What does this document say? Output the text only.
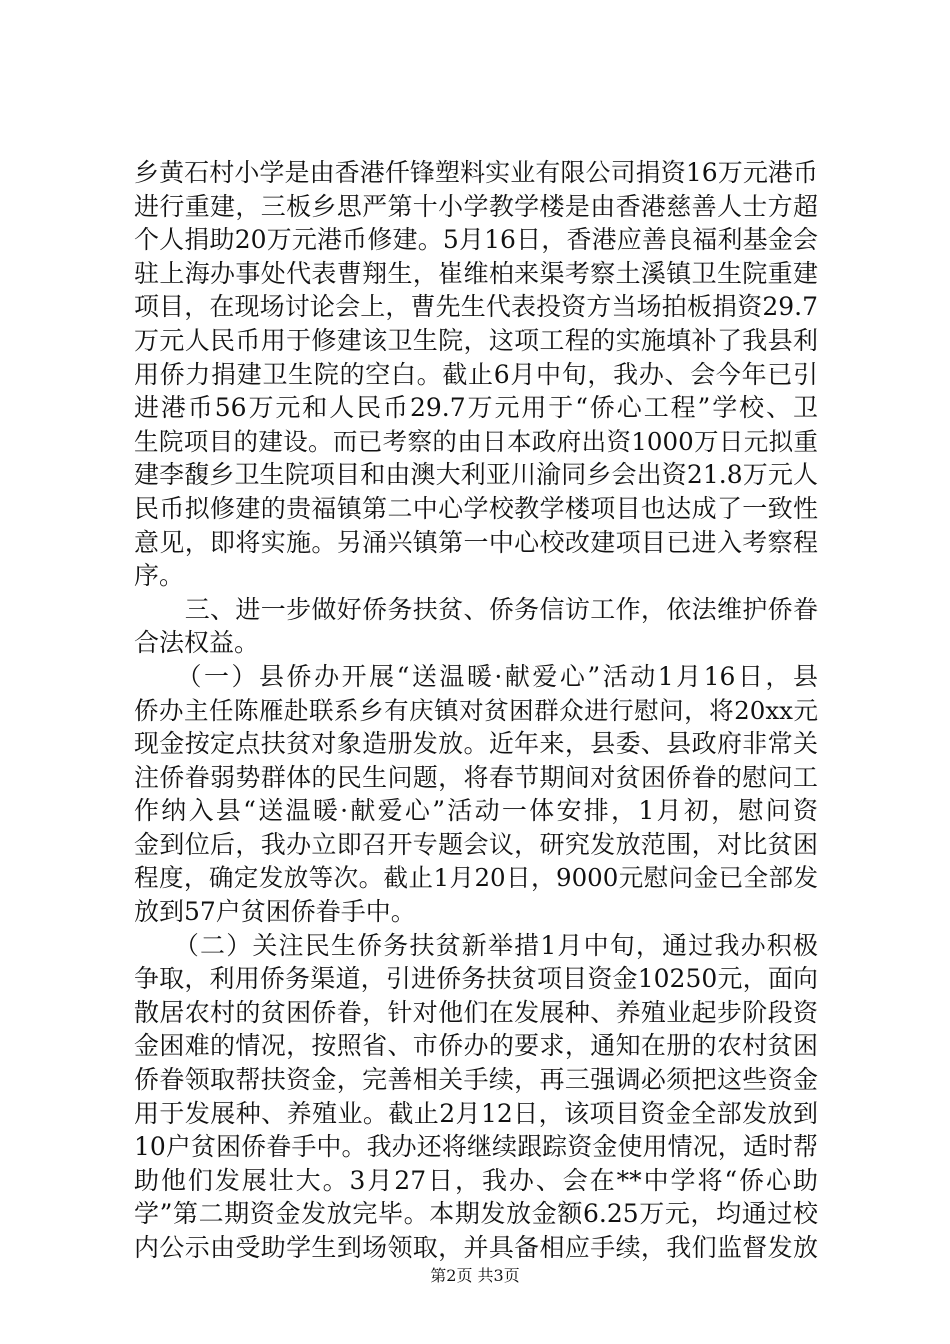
乡黄石村小学是由香港仟锋塑料实业有限公司捐资16万元港币
进行重建，三板乡思严第十小学教学楼是由香港慈善人士方超
个人捐助20万元港币修建。5月16日，香港应善良福利基金会
驻上海办事处代表曹翔生，崔维柏来渠考察土溪镇卫生院重建
项目，在现场讨论会上，曹先生代表投资方当场拍板捐资29.7
万元人民币用于修建该卫生院，这项工程的实施填补了我县利
用侨力捐建卫生院的空白。截止6月中旬，我办、会今年已引
进港币56万元和人民币29.7万元用于“侨心工程”学校、卫
生院项目的建设。而已考察的由日本政府出资1000万日元拟重
建李馥乡卫生院项目和由澳大利亚川渝同乡会出资21.8万元人
民币拟修建的贵福镇第二中心学校教学楼项目也达成了一致性
意见，即将实施。另涌兴镇第一中心校改建项目已进入考察程
序。
　　三、进一步做好侨务扶贫、侨务信访工作，依法维护侨眷
合法权益。
　　（一）县侨办开展“送温暖·献爱心”活动1月16日，县
侨办主任陈雁赴联系乡有庆镇对贫困群众进行慰问，将20xx元
现金按定点扶贫对象造册发放。近年来，县委、县政府非常关
注侨眷弱势群体的民生问题，将春节期间对贫困侨眷的慰问工
作纳入县“送温暖·献爱心”活动一体安排，1月初，慰问资
金到位后，我办立即召开专题会议，研究发放范围，对比贫困
程度，确定发放等次。截止1月20日，9000元慰问金已全部发
放到57户贫困侨眷手中。
　　（二）关注民生侨务扶贫新举措1月中旬，通过我办积极
争取，利用侨务渠道，引进侨务扶贫项目资金10250元，面向
散居农村的贫困侨眷，针对他们在发展种、养殖业起步阶段资
金困难的情况，按照省、市侨办的要求，通知在册的农村贫困
侨眷领取帮扶资金，完善相关手续，再三强调必须把这些资金
用于发展种、养殖业。截止2月12日，该项目资金全部发放到
10户贫困侨眷手中。我办还将继续跟踪资金使用情况，适时帮
助他们发展壮大。3月27日，我办、会在**中学将“侨心助
学”第二期资金发放完毕。本期发放金额6.25万元，均通过校
内公示由受助学生到场领取，并具备相应手续，我们监督发放
第2页 共3页
